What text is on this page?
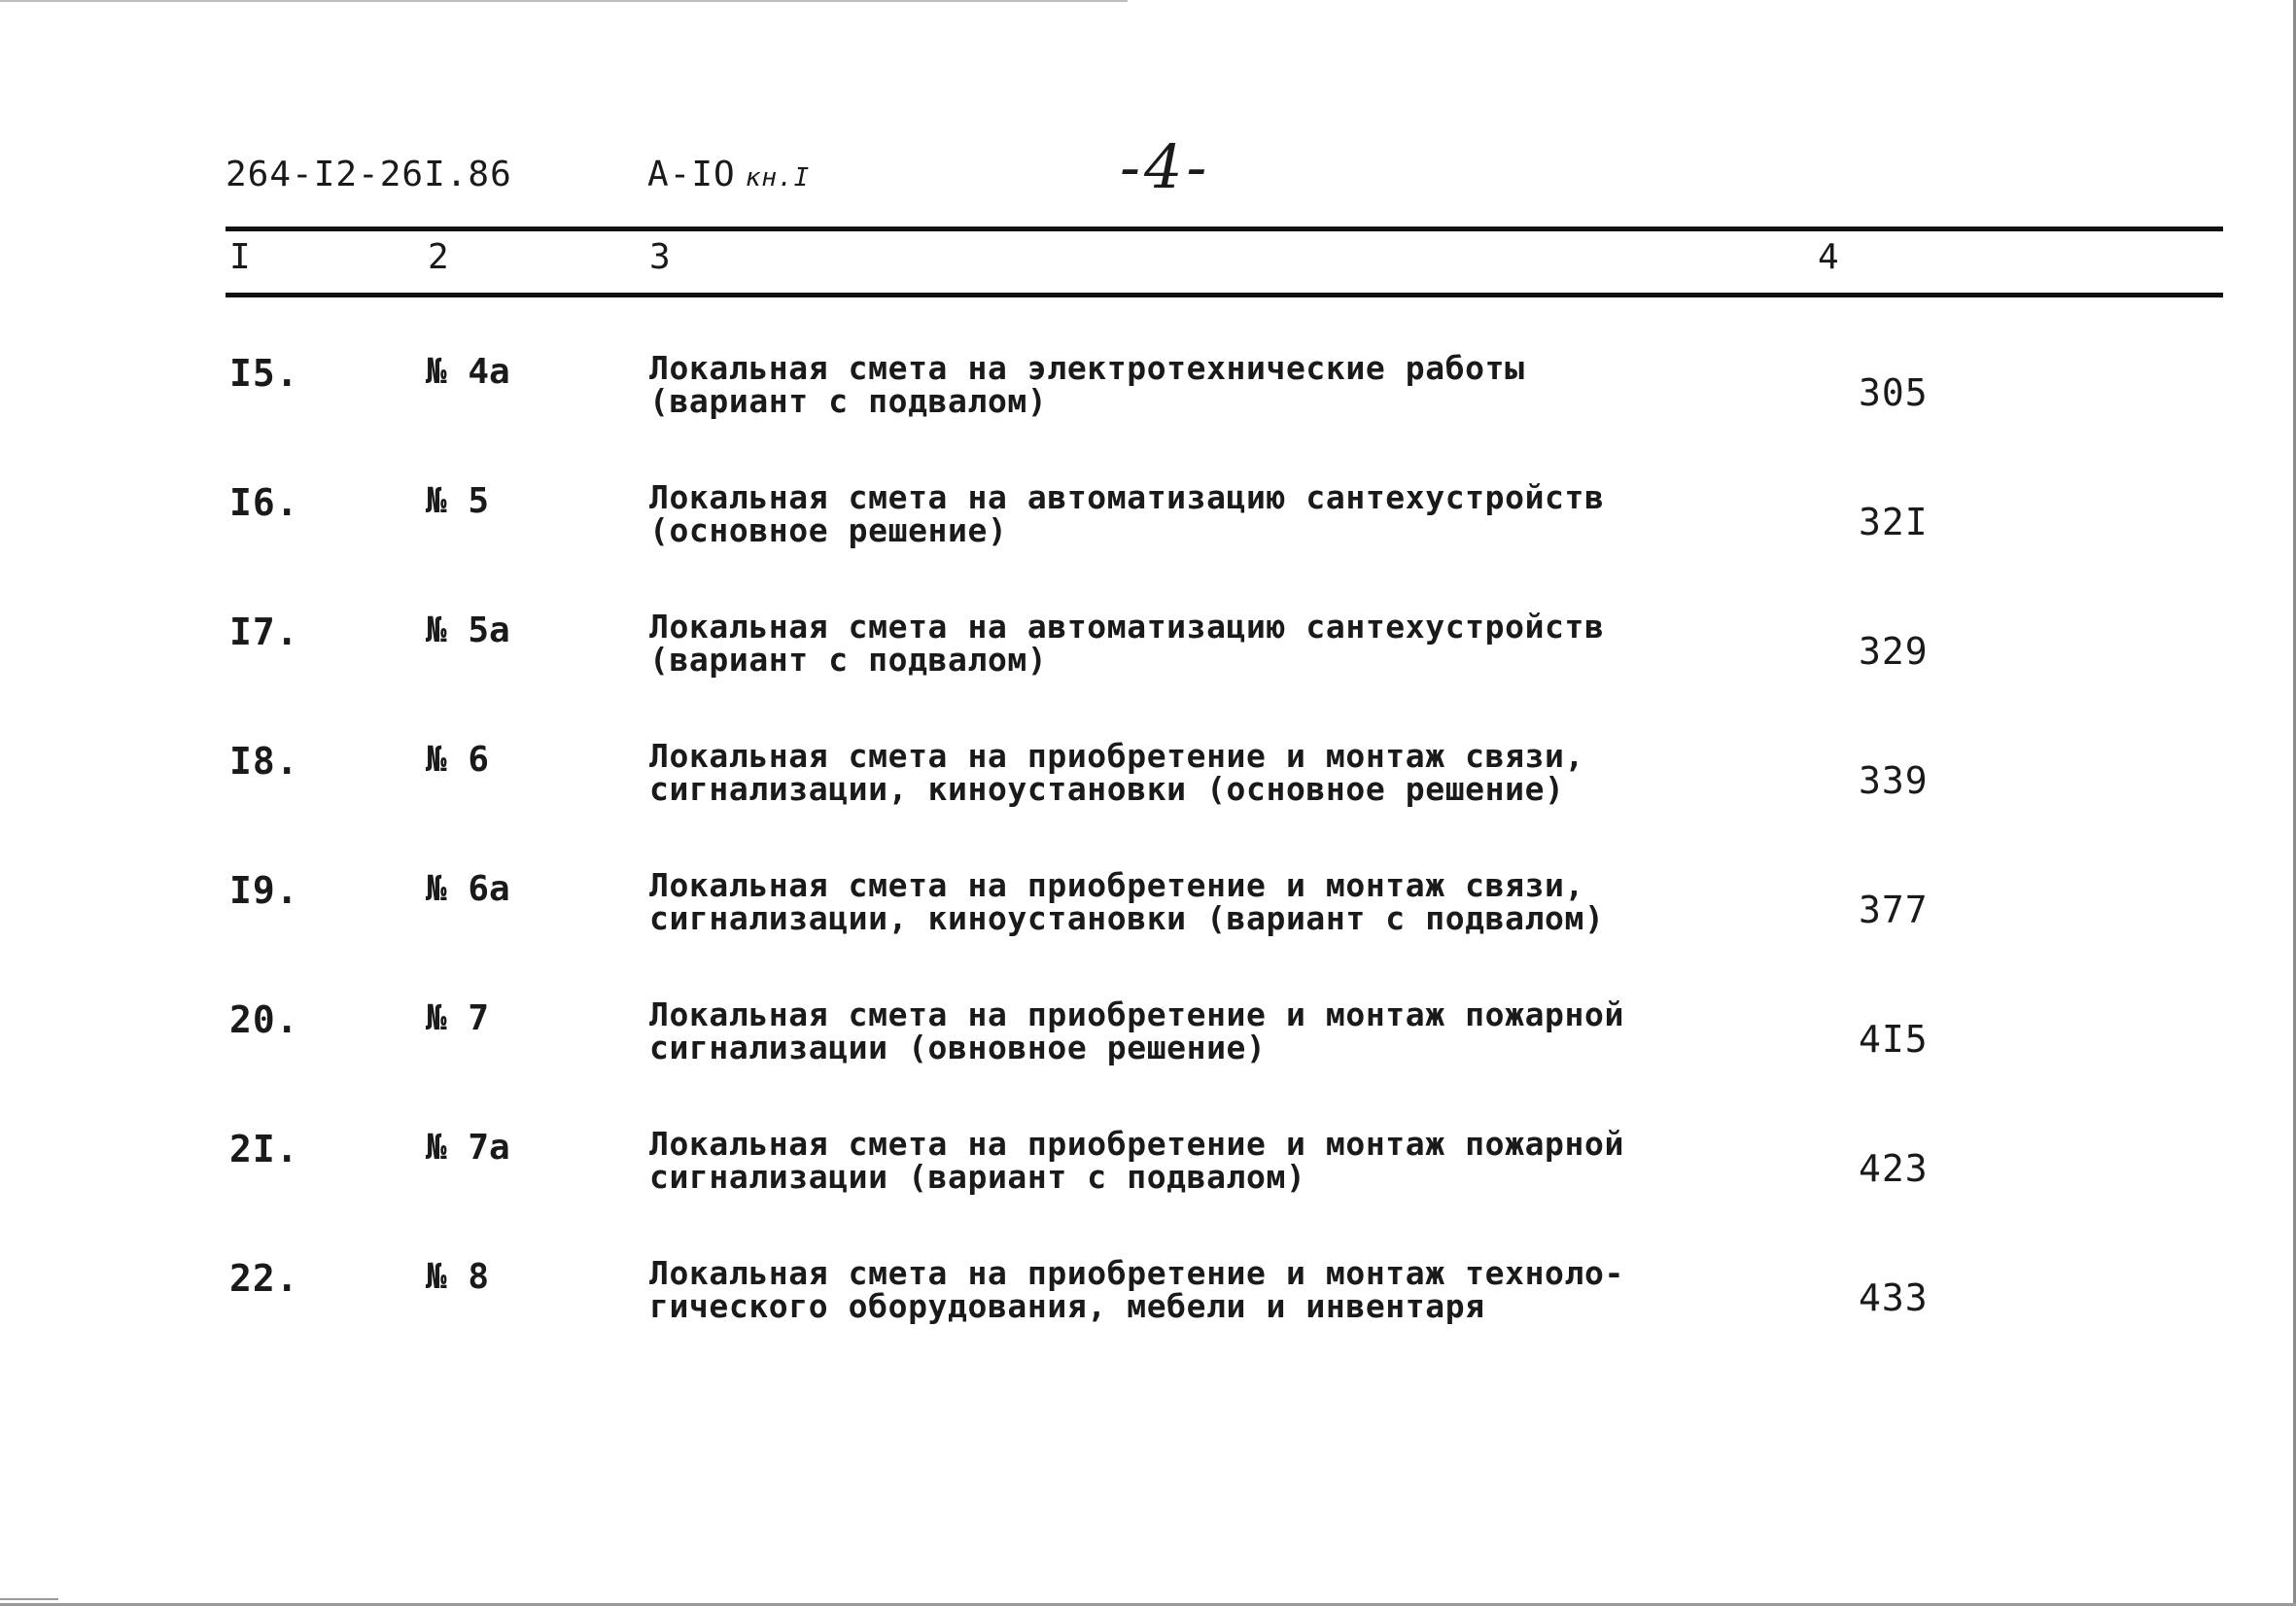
264-I2-26I.86	А-IO кн.I	-4-
I	2	3	4
I5.	№ 4а	Локальная смета на электротехнические работы
(вариант с подвалом)	305
I6.	№ 5	Локальная смета на автоматизацию сантехустройств
(основное решение)	32I
I7.	№ 5а	Локальная смета на автоматизацию сантехустройств
(вариант с подвалом)	329
I8.	№ 6	Локальная смета на приобретение и монтаж связи,
сигнализации, киноустановки (основное решение)	339
I9.	№ 6а	Локальная смета на приобретение и монтаж связи,
сигнализации, киноустановки (вариант с подвалом)	377
20.	№ 7	Локальная смета на приобретение и монтаж пожарной
сигнализации (овновное решение)	4I5
2I.	№ 7а	Локальная смета на приобретение и монтаж пожарной
сигнализации (вариант с подвалом)	423
22.	№ 8	Локальная смета на приобретение и монтаж техноло-
гического оборудования, мебели и инвентаря	433
